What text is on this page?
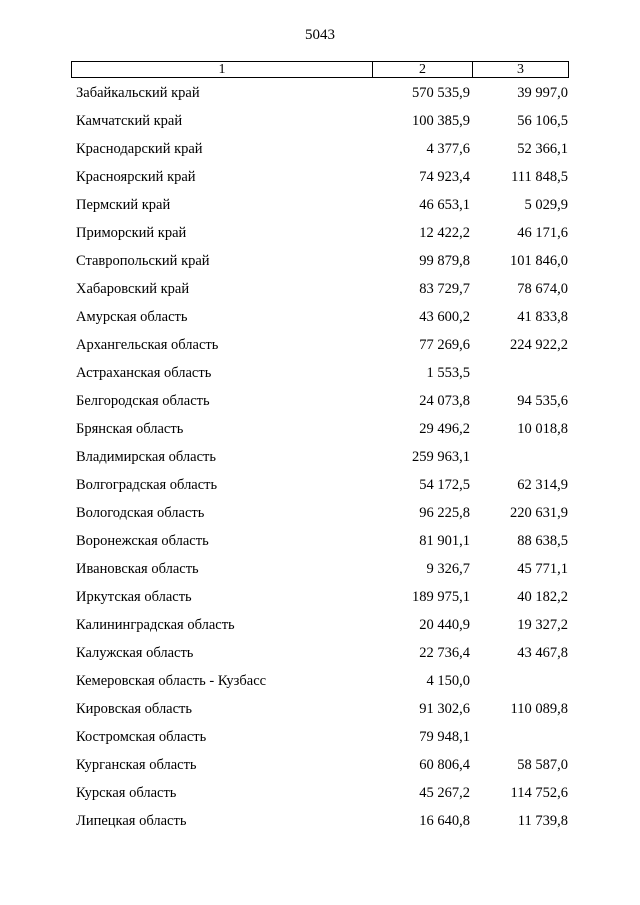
5043
1	2	3
Забайкальский край	570 535,9	39 997,0
Камчатский край	100 385,9	56 106,5
Краснодарский край	4 377,6	52 366,1
Красноярский край	74 923,4	111 848,5
Пермский край	46 653,1	5 029,9
Приморский край	12 422,2	46 171,6
Ставропольский край	99 879,8	101 846,0
Хабаровский край	83 729,7	78 674,0
Амурская область	43 600,2	41 833,8
Архангельская область	77 269,6	224 922,2
Астраханская область	1 553,5
Белгородская область	24 073,8	94 535,6
Брянская область	29 496,2	10 018,8
Владимирская область	259 963,1
Волгоградская область	54 172,5	62 314,9
Вологодская область	96 225,8	220 631,9
Воронежская область	81 901,1	88 638,5
Ивановская область	9 326,7	45 771,1
Иркутская область	189 975,1	40 182,2
Калининградская область	20 440,9	19 327,2
Калужская область	22 736,4	43 467,8
Кемеровская область - Кузбасс	4 150,0
Кировская область	91 302,6	110 089,8
Костромская область	79 948,1
Курганская область	60 806,4	58 587,0
Курская область	45 267,2	114 752,6
Липецкая область	16 640,8	11 739,8
